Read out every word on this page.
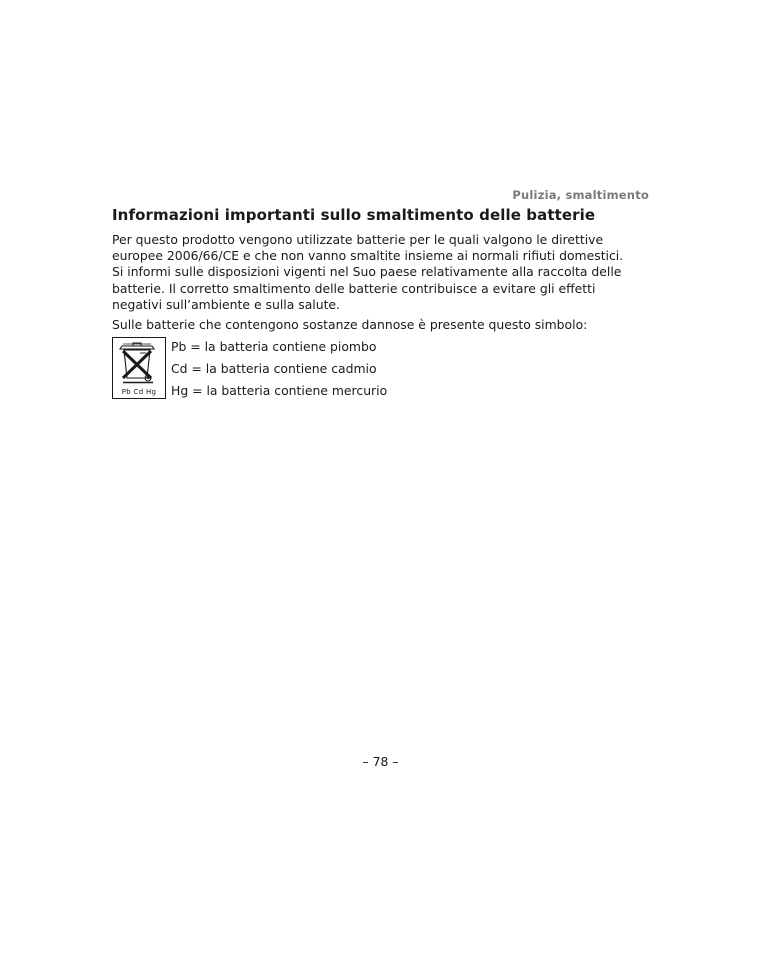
Pulizia, smaltimento
Informazioni importanti sullo smaltimento delle batterie

Per questo prodotto vengono utilizzate batterie per le quali valgono le direttive
europee 2006/66/CE e che non vanno smaltite insieme ai normali rifiuti domestici.
Si informi sulle disposizioni vigenti nel Suo paese relativamente alla raccolta delle
batterie. Il corretto smaltimento delle batterie contribuisce a evitare gli effetti
negativi sull’ambiente e sulla salute.

Sulle batterie che contengono sostanze dannose è presente questo simbolo:

Pb Cd Hg
Pb = la batteria contiene piombo
Cd = la batteria contiene cadmio
Hg = la batteria contiene mercurio
– 78 –
